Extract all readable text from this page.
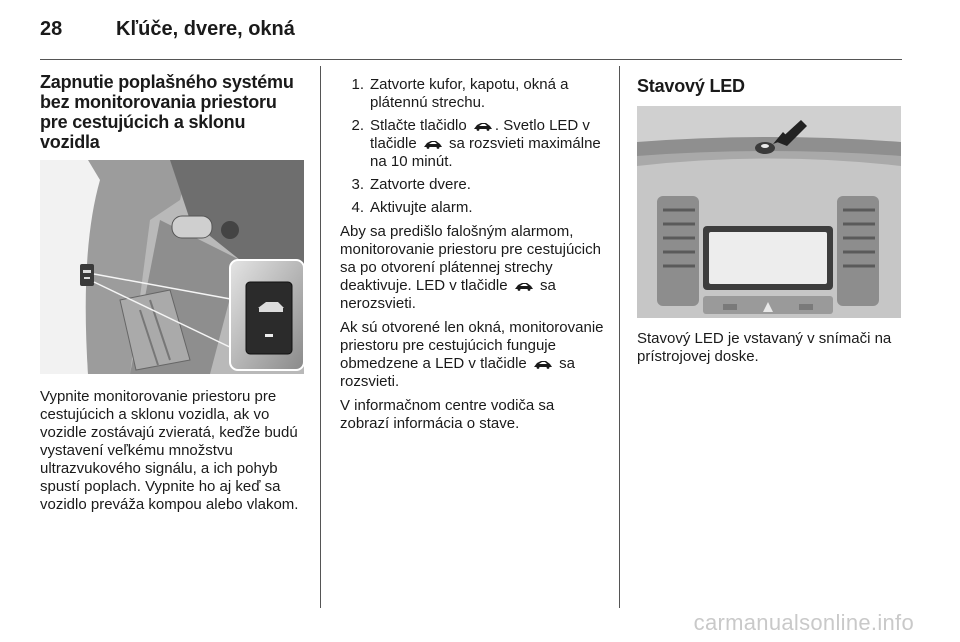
28	Kľúče, dvere, okná
Zapnutie poplašného systému bez monitorovania priestoru pre cestujúcich a sklonu vozidla

Vypnite monitorovanie priestoru pre cestujúcich a sklonu vozidla, ak vo vozidle zostávajú zvieratá, keďže budú vystavení veľkému množstvu ultrazvukového signálu, a ich pohyb spustí poplach. Vypnite ho aj keď sa vozidlo preváža kompou alebo vlakom.

1. Zatvorte kufor, kapotu, okná a plátennú strechu.
2. Stlačte tlačidlo . Svetlo LED v tlačidle sa rozsvieti maximálne na 10 minút.
3. Zatvorte dvere.
4. Aktivujte alarm.

Aby sa predišlo falošným alarmom, monitorovanie priestoru pre cestujúcich sa po otvorení plátennej strechy deaktivuje. LED v tlačidle sa nerozsvieti.

Ak sú otvorené len okná, monitorovanie priestoru pre cestujúcich funguje obmedzene a LED v tlačidle sa rozsvieti.

V informačnom centre vodiča sa zobrazí informácia o stave.

Stavový LED

Stavový LED je vstavaný v snímači na prístrojovej doske.

carmanualsonline.info
